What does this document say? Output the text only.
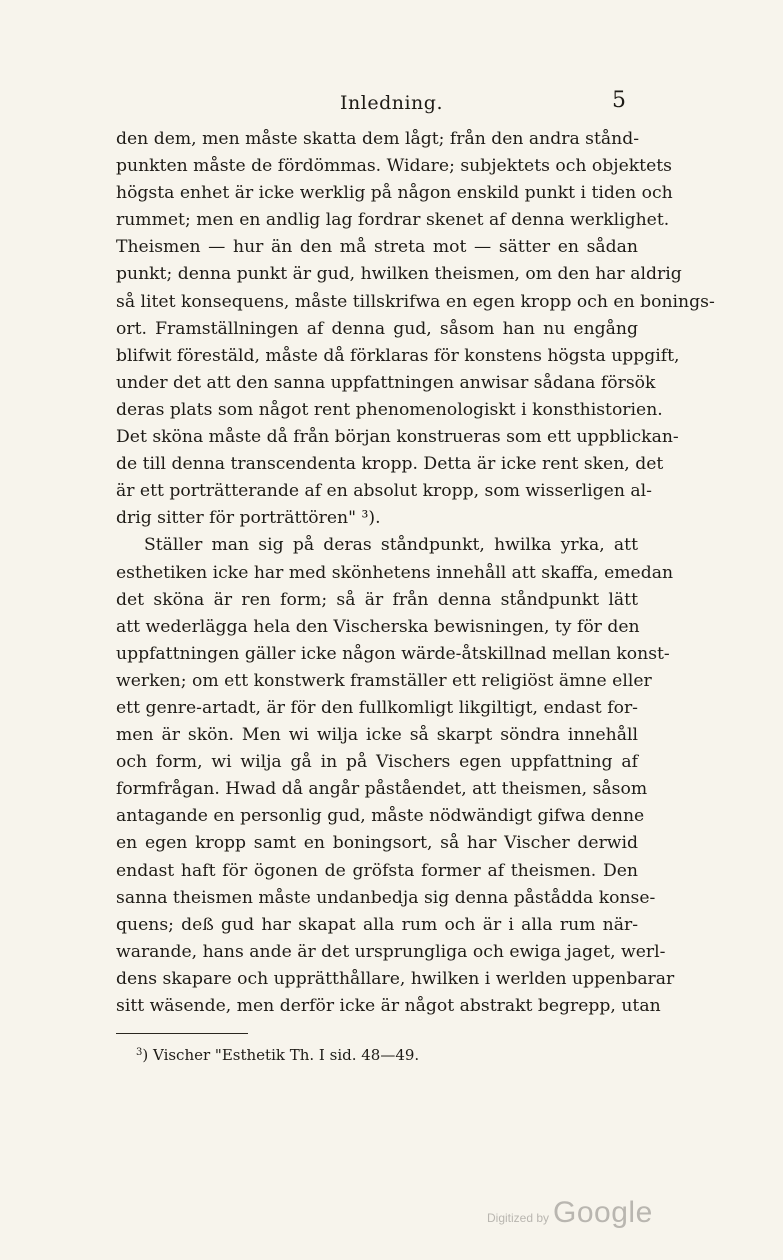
Inledning.	5
den dem, men måste skatta dem lågt; från den andra stånd-
punkten måste de fördömmas. Widare; subjektets och objektets
högsta enhet är icke werklig på någon enskild punkt i tiden och
rummet; men en andlig lag fordrar skenet af denna werklighet.
Theismen — hur än den må streta mot — sätter en sådan
punkt; denna punkt är gud, hwilken theismen, om den har aldrig
så litet konsequens, måste tillskrifwa en egen kropp och en bonings-
ort. Framställningen af denna gud, såsom han nu engång
blifwit förestäld, måste då förklaras för konstens högsta uppgift,
under det att den sanna uppfattningen anwisar sådana försök
deras plats som något rent phenomenologiskt i konsthistorien.
Det sköna måste då från början konstrueras som ett uppblickan-
de till denna transcendenta kropp. Detta är icke rent sken, det
är ett porträtterande af en absolut kropp, som wisserligen al-
drig sitter för porträttören" ³).
Ställer man sig på deras ståndpunkt, hwilka yrka, att
esthetiken icke har med skönhetens innehåll att skaffa, emedan
det sköna är ren form; så är från denna ståndpunkt lätt
att wederlägga hela den Vischerska bewisningen, ty för den
uppfattningen gäller icke någon wärde-åtskillnad mellan konst-
werken; om ett konstwerk framställer ett religiöst ämne eller
ett genre-artadt, är för den fullkomligt likgiltigt, endast for-
men är skön. Men wi wilja icke så skarpt söndra innehåll
och form, wi wilja gå in på Vischers egen uppfattning af
formfrågan. Hwad då angår påståendet, att theismen, såsom
antagande en personlig gud, måste nödwändigt gifwa denne
en egen kropp samt en boningsort, så har Vischer derwid
endast haft för ögonen de gröfsta former af theismen. Den
sanna theismen måste undanbedja sig denna påstådda konse-
quens; deß gud har skapat alla rum och är i alla rum när-
warande, hans ande är det ursprungliga och ewiga jaget, werl-
dens skapare och upprätthållare, hwilken i werlden uppenbarar
sitt wäsende, men derför icke är något abstrakt begrepp, utan
$^3$) Vischer "Esthetik Th. I sid. 48—49.
Digitized by Google
